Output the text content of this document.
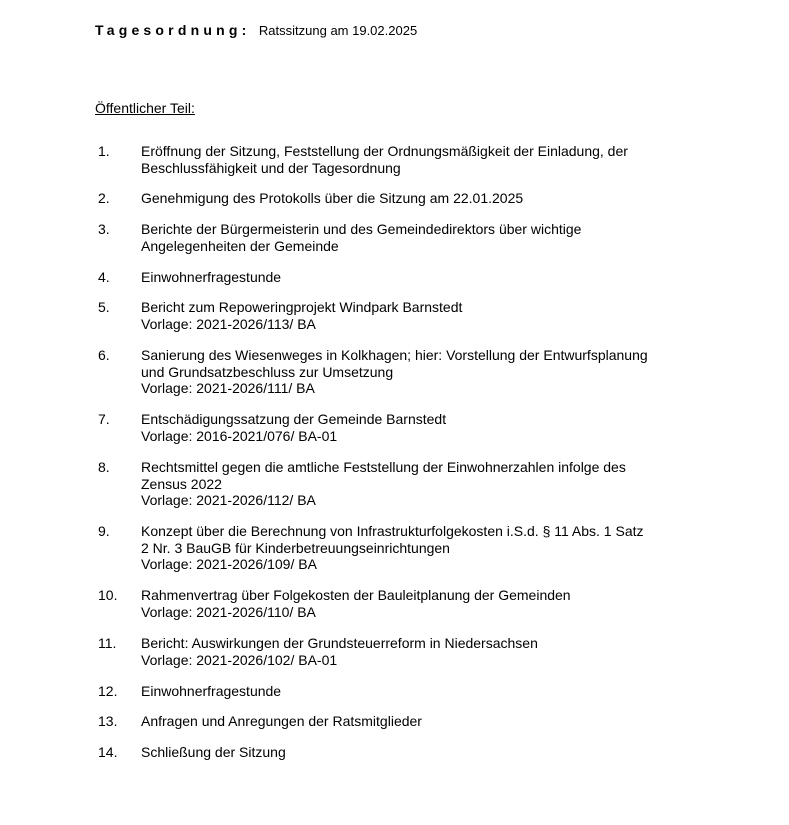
Tagesordnung: Ratssitzung am 19.02.2025
Öffentlicher Teil:
1. Eröffnung der Sitzung, Feststellung der Ordnungsmäßigkeit der Einladung, der
Beschlussfähigkeit und der Tagesordnung
2. Genehmigung des Protokolls über die Sitzung am 22.01.2025
3. Berichte der Bürgermeisterin und des Gemeindedirektors über wichtige
Angelegenheiten der Gemeinde
4. Einwohnerfragestunde
5. Bericht zum Repoweringprojekt Windpark Barnstedt
Vorlage: 2021-2026/113/ BA
6. Sanierung des Wiesenweges in Kolkhagen; hier: Vorstellung der Entwurfsplanung
und Grundsatzbeschluss zur Umsetzung
Vorlage: 2021-2026/111/ BA
7. Entschädigungssatzung der Gemeinde Barnstedt
Vorlage: 2016-2021/076/ BA-01
8. Rechtsmittel gegen die amtliche Feststellung der Einwohnerzahlen infolge des
Zensus 2022
Vorlage: 2021-2026/112/ BA
9. Konzept über die Berechnung von Infrastrukturfolgekosten i.S.d. § 11 Abs. 1 Satz
2 Nr. 3 BauGB für Kinderbetreuungseinrichtungen
Vorlage: 2021-2026/109/ BA
10. Rahmenvertrag über Folgekosten der Bauleitplanung der Gemeinden
Vorlage: 2021-2026/110/ BA
11. Bericht: Auswirkungen der Grundsteuerreform in Niedersachsen
Vorlage: 2021-2026/102/ BA-01
12. Einwohnerfragestunde
13. Anfragen und Anregungen der Ratsmitglieder
14. Schließung der Sitzung
